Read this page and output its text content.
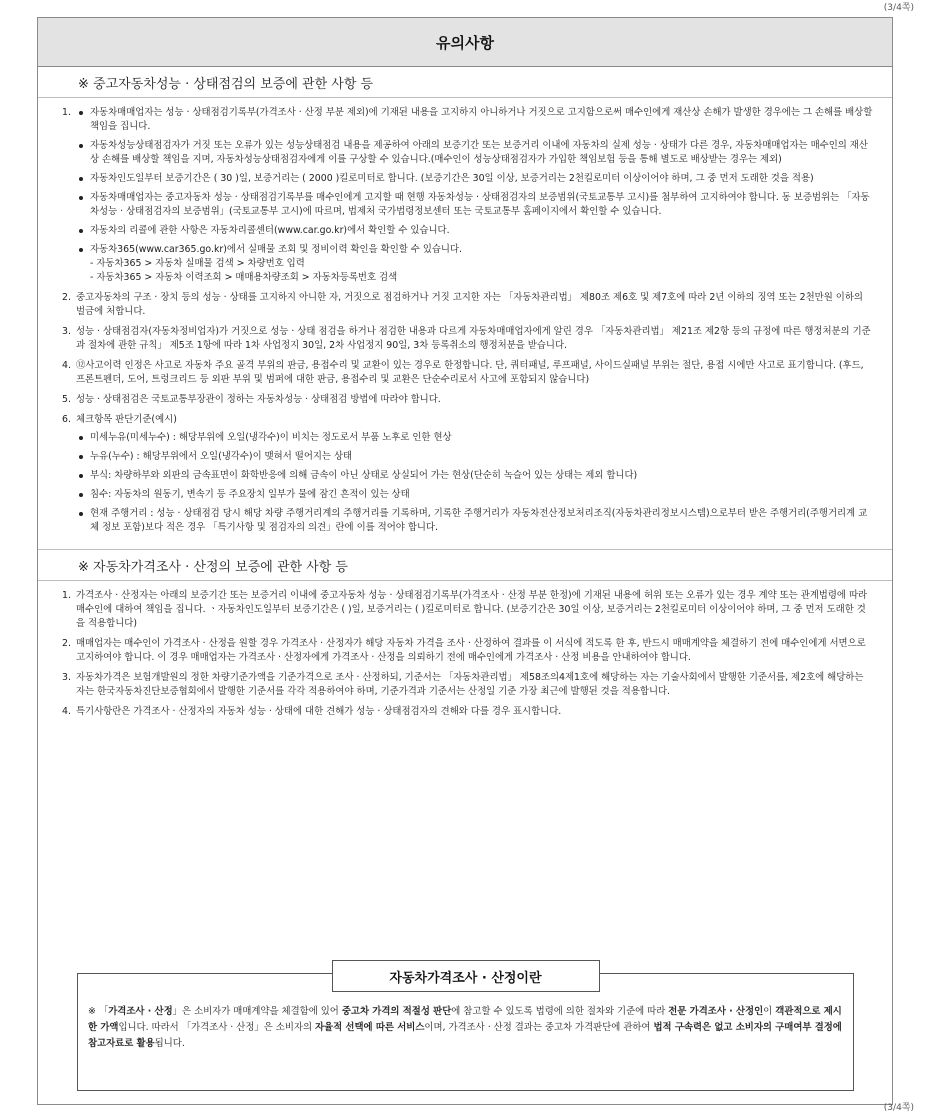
(3/4쪽)
유의사항
※ 중고자동차성능 · 상태점검의 보증에 관한 사항 등
1.	자동차매매업자는 성능 · 상태점검기록부(가격조사 · 산정 부분 제외)에 기재된 내용을 고지하지 아니하거나 거짓으로 고지함으로써 매수인에게 재산상 손해가 발생한 경우에는 그 손해를 배상할 책임을 집니다.
자동차성능상태점검자가 거짓 또는 오류가 있는 성능상태점검 내용을 제공하여 아래의 보증기간 또는 보증거리 이내에 자동차의 실제 성능 · 상태가 다른 경우, 자동차매매업자는 매수인의 재산상 손해를 배상할 책임을 지며, 자동차성능상태점검자에게 이를 구상할 수 있습니다.(매수인이 성능상태점검자가 가입한 책임보험 등을 통해 별도로 배상받는 경우는 제외)
자동차인도일부터 보증기간은 ( 30 )일, 보증거리는 ( 2000 )킬로미터로 합니다. (보증기간은 30일 이상, 보증거리는 2천킬로미터 이상이어야 하며, 그 중 먼저 도래한 것을 적용)
자동차매매업자는 중고자동차 성능 · 상태점검기록부를 매수인에게 고지할 때 현행 자동차성능 · 상태점검자의 보증범위(국토교통부 고시)를 첨부하여 고지하여야 합니다. 동 보증범위는 「자동차성능 · 상태점검자의 보증범위」(국토교통부 고시)에 따르며, 법제처 국가법령정보센터 또는 국토교통부 홈페이지에서 확인할 수 있습니다.
자동차의 리콜에 관한 사항은 자동차리콜센터(www.car.go.kr)에서 확인할 수 있습니다.
자동차365(www.car365.go.kr)에서 실매물 조회 및 정비이력 확인을 확인할 수 있습니다.
- 자동차365 > 자동차 실매물 검색 > 차량번호 입력
- 자동차365 > 자동차 이력조회 > 매매용차량조회 > 자동차등록번호 검색
2. 중고자동차의 구조 · 장치 등의 성능 · 상태를 고지하지 아니한 자, 거짓으로 점검하거나 거짓 고지한 자는 「자동차관리법」 제80조 제6호 및 제7호에 따라 2년 이하의 징역 또는 2천만원 이하의 벌금에 처합니다.
3. 성능 · 상태점검자(자동차정비업자)가 거짓으로 성능 · 상태 점검을 하거나 점검한 내용과 다르게 자동차매매업자에게 알린 경우 「자동차관리법」 제21조 제2항 등의 규정에 따른 행정처분의 기준과 절차에 관한 규칙」 제5조 1항에 따라 1차 사업정지 30일, 2차 사업정지 90일, 3차 등록취소의 행정처분을 받습니다.
4. ⑫사고이력 인정은 사고로 자동차 주요 골격 부위의 판금, 용접수리 및 교환이 있는 경우로 한정합니다. 단, 쿼터패널, 루프패널, 사이드실패널 부위는 절단, 용접 시에만 사고로 표기합니다. (후드, 프론트펜더, 도어, 트렁크리드 등 외판 부위 및 범퍼에 대한 판금, 용접수리 및 교환은 단순수리로서 사고에 포함되지 않습니다)
5. 성능 · 상태점검은 국토교통부장관이 정하는 자동차성능 · 상태점검 방법에 따라야 합니다.
6. 체크항목 판단기준(예시)
미세누유(미세누수) : 해당부위에 오일(냉각수)이 비치는 정도로서 부품 노후로 인한 현상
누유(누수) : 해당부위에서 오일(냉각수)이 맺혀서 떨어지는 상태
부식: 차량하부와 외판의 금속표면이 화학반응에 의해 금속이 아닌 상태로 상실되어 가는 현상(단순히 녹슬어 있는 상태는 제외 합니다)
침수: 자동차의 원동기, 변속기 등 주요장치 일부가 물에 잠긴 흔적이 있는 상태
현재 주행거리 : 성능 · 상태점검 당시 해당 차량 주행거리계의 주행거리를 기록하며, 기록한 주행거리가 자동차전산정보처리조직(자동차관리정보시스템)으로부터 받은 주행거리(주행거리계 교체 정보 포함)보다 적은 경우 「특기사항 및 점검자의 의견」란에 이를 적어야 합니다.
※ 자동차가격조사 · 산정의 보증에 관한 사항 등
1. 가격조사 · 산정자는 아래의 보증기간 또는 보증거리 이내에 중고자동차 성능 · 상태점검기록부(가격조사 · 산정 부분 한정)에 기재된 내용에 허위 또는 오류가 있는 경우 계약 또는 관계법령에 따라 매수인에 대하여 책임을 집니다. ㆍ자동차인도일부터 보증기간은 ( )일, 보증거리는 ( )킬로미터로 합니다. (보증기간은 30일 이상, 보증거리는 2천킬로미터 이상이어야 하며, 그 중 먼저 도래한 것을 적용합니다)
2. 매매업자는 매수인이 가격조사 · 산정을 원할 경우 가격조사 · 산정자가 해당 자동차 가격을 조사 · 산정하여 결과를 이 서식에 적도록 한 후, 반드시 매매계약을 체결하기 전에 매수인에게 서면으로 고지하여야 합니다. 이 경우 매매업자는 가격조사 · 산정자에게 가격조사 · 산정을 의뢰하기 전에 매수인에게 가격조사 · 산정 비용을 안내하여야 합니다.
3. 자동차가격은 보험개발원의 정한 차량기준가액을 기준가격으로 조사 · 산정하되, 기준서는 「자동차관리법」 제58조의4제1호에 해당하는 자는 기술사회에서 발행한 기준서를, 제2호에 해당하는 자는 한국자동차진단보증협회에서 발행한 기준서를 각각 적용하여야 하며, 기준가격과 기준서는 산정일 기준 가장 최근에 발행된 것을 적용합니다.
4. 특기사항란은 가격조사 · 산정자의 자동차 성능 · 상태에 대한 견해가 성능 · 상태점검자의 견해와 다를 경우 표시합니다.
자동차가격조사 · 산정이란
※ 「가격조사 · 산정」은 소비자가 매매계약을 체결함에 있어 중고차 가격의 적절성 판단에 참고할 수 있도록 법령에 의한 절차와 기준에 따라 전문 가격조사 · 산정인이 객관적으로 제시한 가액입니다. 따라서 「가격조사 · 산정」은 소비자의 자율적 선택에 따른 서비스이며, 가격조사 · 산정 결과는 중고차 가격판단에 관하여 법적 구속력은 없고 소비자의 구매여부 결정에 참고자료로 활용됩니다.
(3/4쪽)
